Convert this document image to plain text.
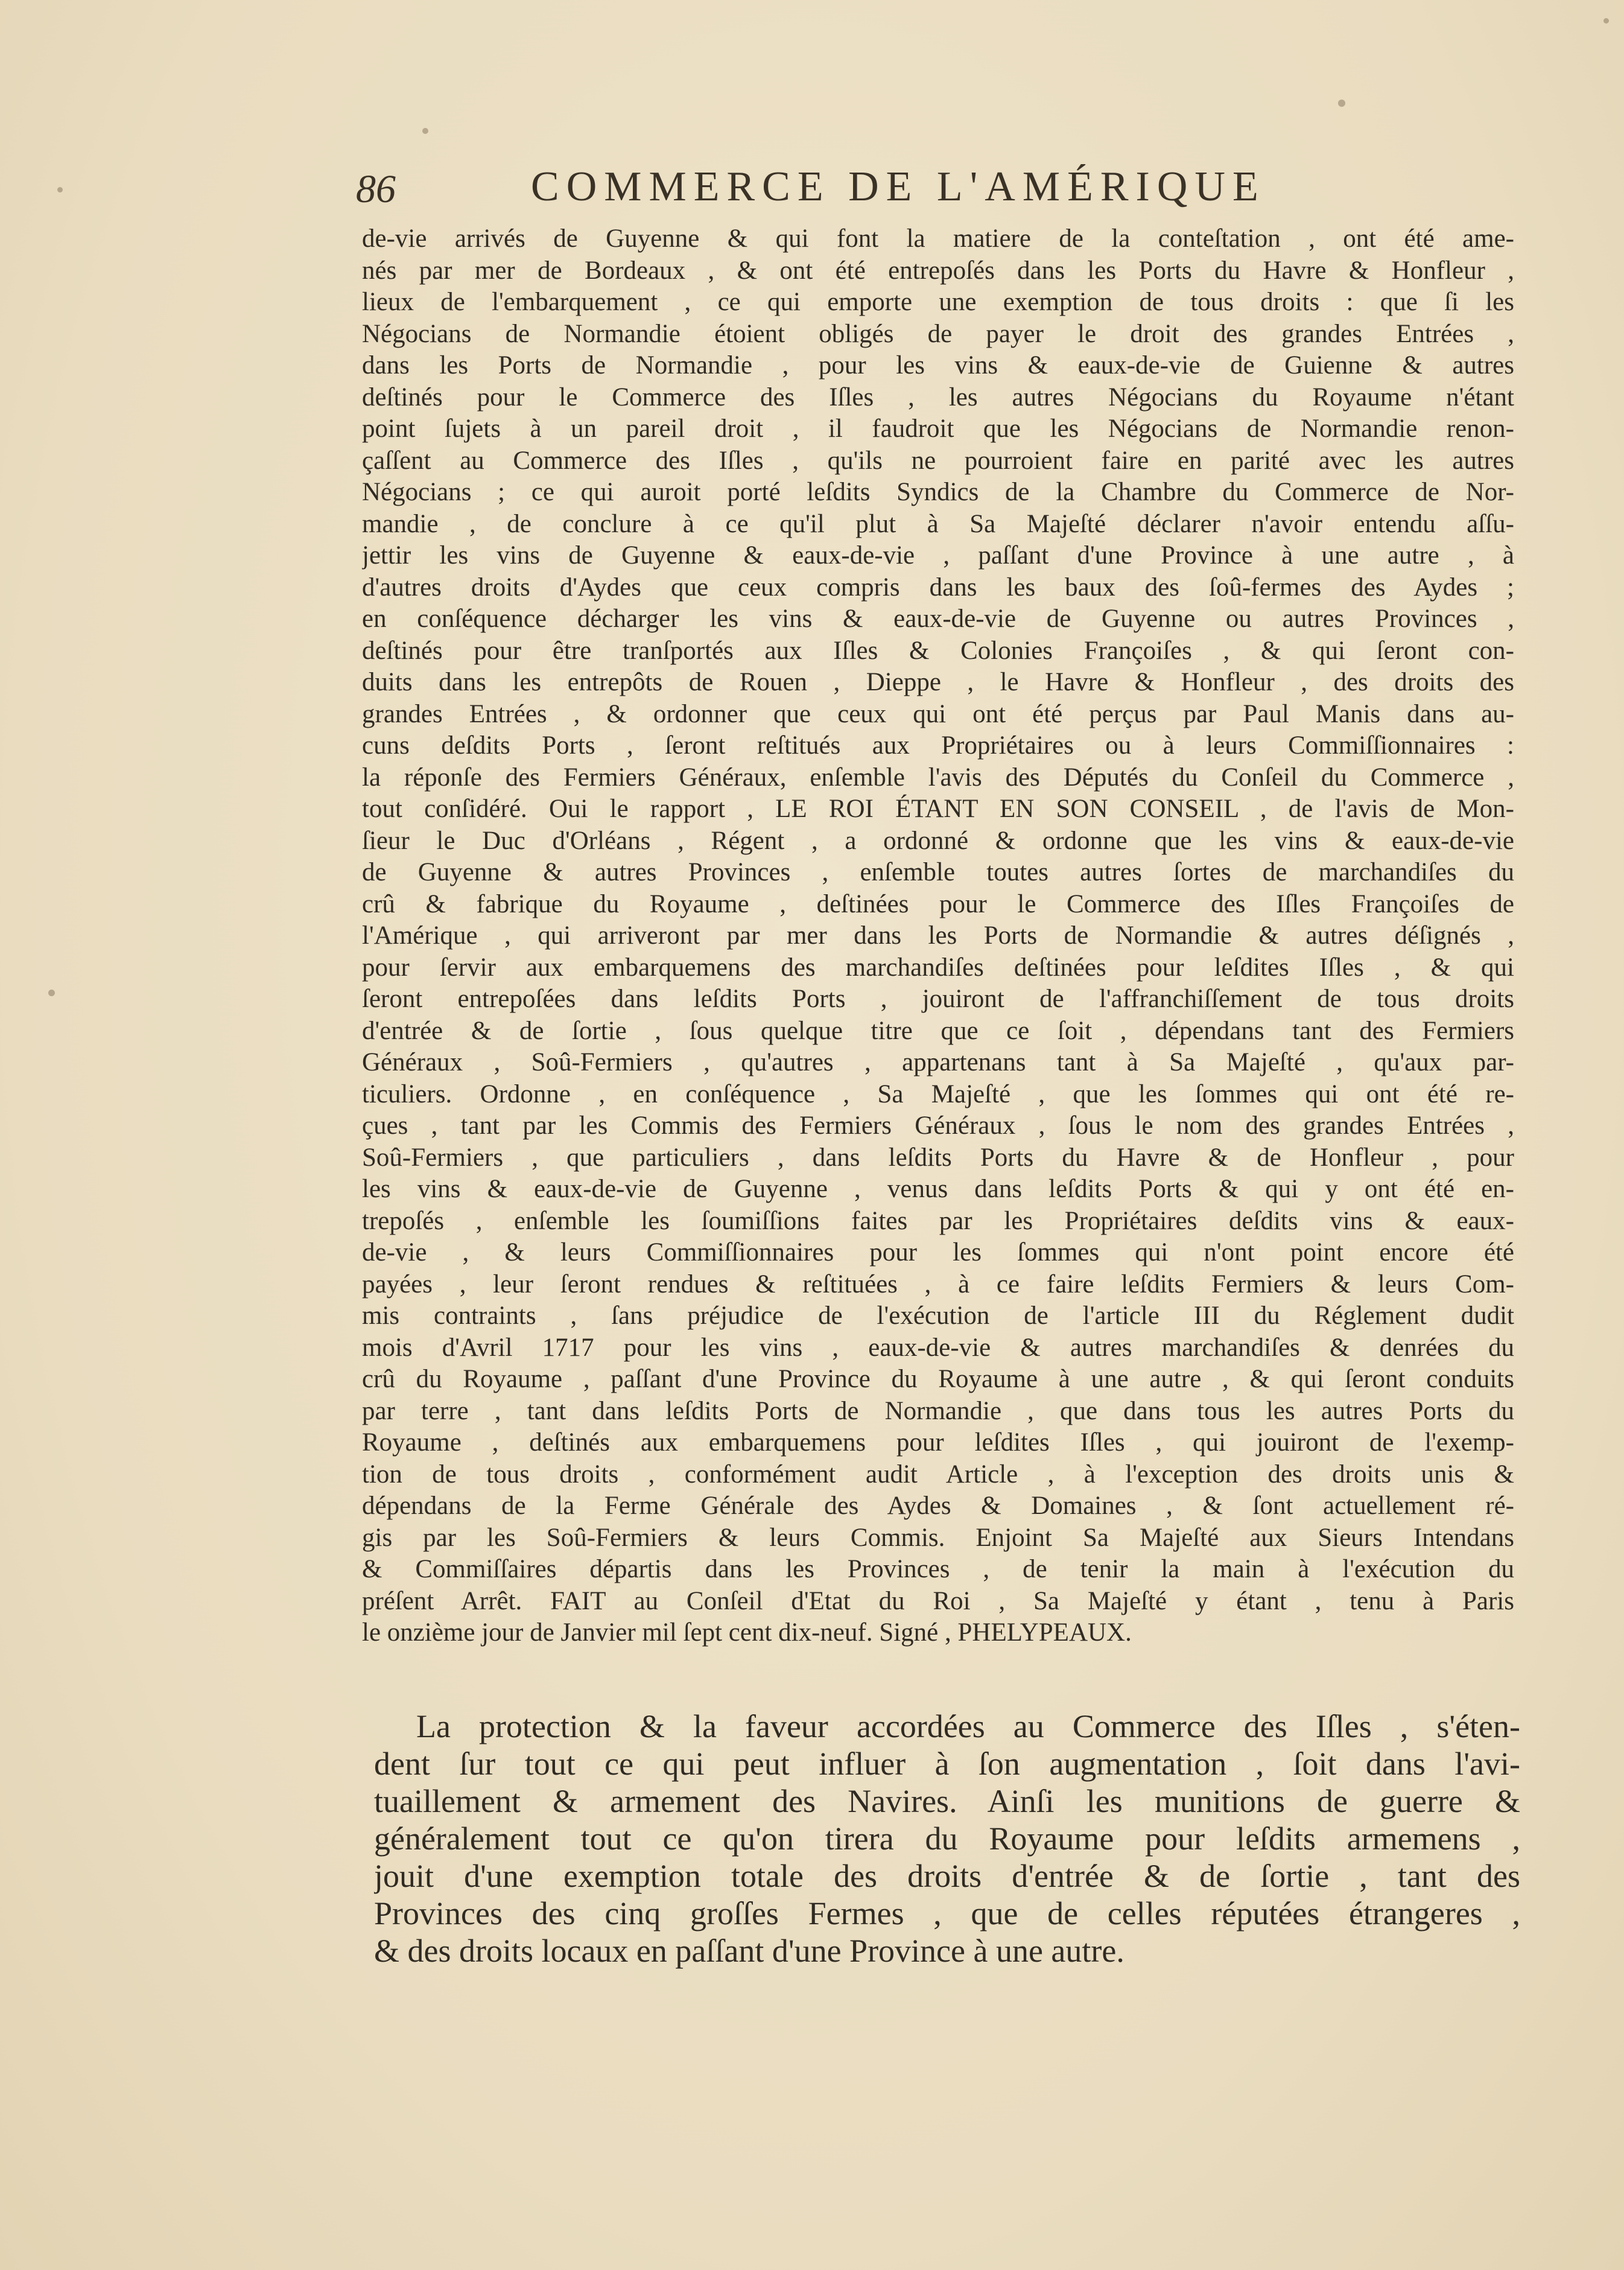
86	COMMERCE DE L'AMÉRIQUE
de-vie arrivés de Guyenne & qui font la matiere de la conteſtation , ont été ame-
nés par mer de Bordeaux , & ont été entrepoſés dans les Ports du Havre & Honfleur ,
lieux de l'embarquement , ce qui emporte une exemption de tous droits : que ſi les
Négocians de Normandie étoient obligés de payer le droit des grandes Entrées ,
dans les Ports de Normandie , pour les vins & eaux-de-vie de Guienne & autres
deſtinés pour le Commerce des Iſles , les autres Négocians du Royaume n'étant
point ſujets à un pareil droit , il faudroit que les Négocians de Normandie renon-
çaſſent au Commerce des Iſles , qu'ils ne pourroient faire en parité avec les autres
Négocians ; ce qui auroit porté leſdits Syndics de la Chambre du Commerce de Nor-
mandie , de conclure à ce qu'il plut à Sa Majeſté déclarer n'avoir entendu aſſu-
jettir les vins de Guyenne & eaux-de-vie , paſſant d'une Province à une autre , à
d'autres droits d'Aydes que ceux compris dans les baux des ſoû-fermes des Aydes ;
en conſéquence décharger les vins & eaux-de-vie de Guyenne ou autres Provinces ,
deſtinés pour être tranſportés aux Iſles & Colonies Françoiſes , & qui ſeront con-
duits dans les entrepôts de Rouen , Dieppe , le Havre & Honfleur , des droits des
grandes Entrées , & ordonner que ceux qui ont été perçus par Paul Manis dans au-
cuns deſdits Ports , ſeront reſtitués aux Propriétaires ou à leurs Commiſſionnaires :
la réponſe des Fermiers Généraux, enſemble l'avis des Députés du Conſeil du Commerce ,
tout conſidéré. Oui le rapport , LE ROI ÉTANT EN SON CONSEIL , de l'avis de Mon-
ſieur le Duc d'Orléans , Régent , a ordonné & ordonne que les vins & eaux-de-vie
de Guyenne & autres Provinces , enſemble toutes autres ſortes de marchandiſes du
crû & fabrique du Royaume , deſtinées pour le Commerce des Iſles Françoiſes de
l'Amérique , qui arriveront par mer dans les Ports de Normandie & autres déſignés ,
pour ſervir aux embarquemens des marchandiſes deſtinées pour leſdites Iſles , & qui
ſeront entrepoſées dans leſdits Ports , jouiront de l'affranchiſſement de tous droits
d'entrée & de ſortie , ſous quelque titre que ce ſoit , dépendans tant des Fermiers
Généraux , Soû-Fermiers , qu'autres , appartenans tant à Sa Majeſté , qu'aux par-
ticuliers. Ordonne , en conſéquence , Sa Majeſté , que les ſommes qui ont été re-
çues , tant par les Commis des Fermiers Généraux , ſous le nom des grandes Entrées ,
Soû-Fermiers , que particuliers , dans leſdits Ports du Havre & de Honfleur , pour
les vins & eaux-de-vie de Guyenne , venus dans leſdits Ports & qui y ont été en-
trepoſés , enſemble les ſoumiſſions faites par les Propriétaires deſdits vins & eaux-
de-vie , & leurs Commiſſionnaires pour les ſommes qui n'ont point encore été
payées , leur ſeront rendues & reſtituées , à ce faire leſdits Fermiers & leurs Com-
mis contraints , ſans préjudice de l'exécution de l'article III du Réglement dudit
mois d'Avril 1717 pour les vins , eaux-de-vie & autres marchandiſes & denrées du
crû du Royaume , paſſant d'une Province du Royaume à une autre , & qui ſeront conduits
par terre , tant dans leſdits Ports de Normandie , que dans tous les autres Ports du
Royaume , deſtinés aux embarquemens pour leſdites Iſles , qui jouiront de l'exemp-
tion de tous droits , conformément audit Article , à l'exception des droits unis &
dépendans de la Ferme Générale des Aydes & Domaines , & ſont actuellement ré-
gis par les Soû-Fermiers & leurs Commis. Enjoint Sa Majeſté aux Sieurs Intendans
& Commiſſaires départis dans les Provinces , de tenir la main à l'exécution du
préſent Arrêt. FAIT au Conſeil d'Etat du Roi , Sa Majeſté y étant , tenu à Paris
le onzième jour de Janvier mil ſept cent dix-neuf. Signé , PHELYPEAUX.
La protection & la faveur accordées au Commerce des Iſles , s'éten-
dent ſur tout ce qui peut influer à ſon augmentation , ſoit dans l'avi-
tuaillement & armement des Navires. Ainſi les munitions de guerre &
généralement tout ce qu'on tirera du Royaume pour leſdits armemens ,
jouit d'une exemption totale des droits d'entrée & de ſortie , tant des
Provinces des cinq groſſes Fermes , que de celles réputées étrangeres ,
& des droits locaux en paſſant d'une Province à une autre.
